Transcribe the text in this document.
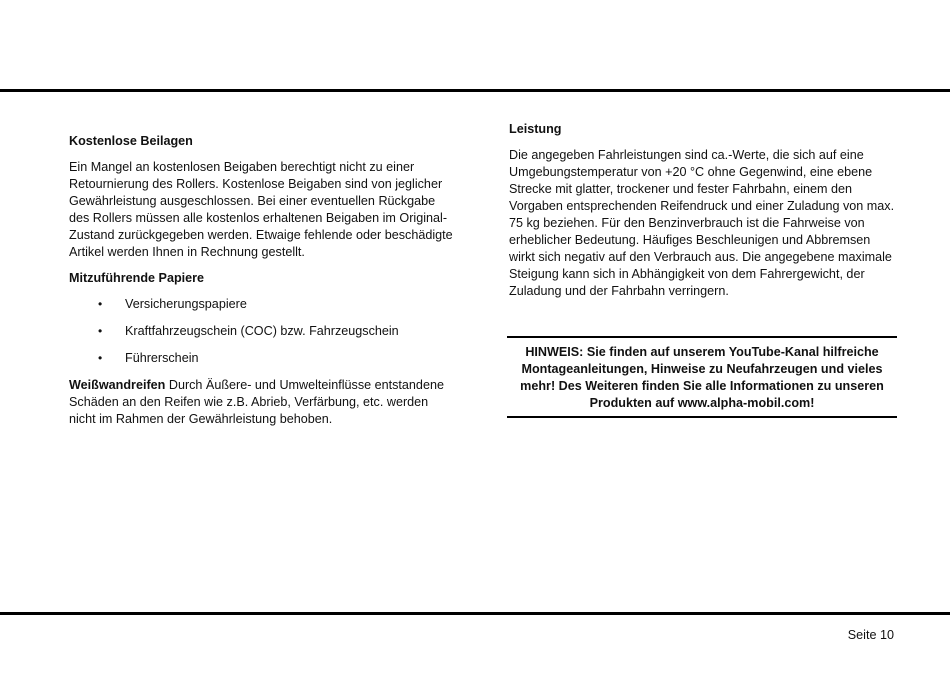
Kostenlose Beilagen

Ein Mangel an kostenlosen Beigaben berechtigt nicht zu einer Retournierung des Rollers. Kostenlose Beigaben sind von jeglicher Gewährleistung ausgeschlossen. Bei einer eventuellen Rückgabe des Rollers müssen alle kostenlos erhaltenen Beigaben im Original-Zustand zurückgegeben werden. Etwaige fehlende oder beschädigte Artikel werden Ihnen in Rechnung gestellt.

Mitzuführende Papiere
• Versicherungspapiere
• Kraftfahrzeugschein (COC) bzw. Fahrzeugschein
• Führerschein

Weißwandreifen Durch Äußere- und Umwelteinflüsse entstandene Schäden an den Reifen wie z.B. Abrieb, Verfärbung, etc. werden nicht im Rahmen der Gewährleistung behoben.

Leistung

Die angegeben Fahrleistungen sind ca.-Werte, die sich auf eine Umgebungstemperatur von +20 °C ohne Gegenwind, eine ebene Strecke mit glatter, trockener und fester Fahrbahn, einem den Vorgaben entsprechenden Reifendruck und einer Zuladung von max. 75 kg beziehen. Für den Benzinverbrauch ist die Fahrweise von erheblicher Bedeutung. Häufiges Beschleunigen und Abbremsen wirkt sich negativ auf den Verbrauch aus. Die angegebene maximale Steigung kann sich in Abhängigkeit von dem Fahrergewicht, der Zuladung und der Fahrbahn verringern.

HINWEIS: Sie finden auf unserem YouTube-Kanal hilfreiche Montageanleitungen, Hinweise zu Neufahrzeugen und vieles mehr! Des Weiteren finden Sie alle Informationen zu unseren Produkten auf www.alpha-mobil.com!
Seite 10
